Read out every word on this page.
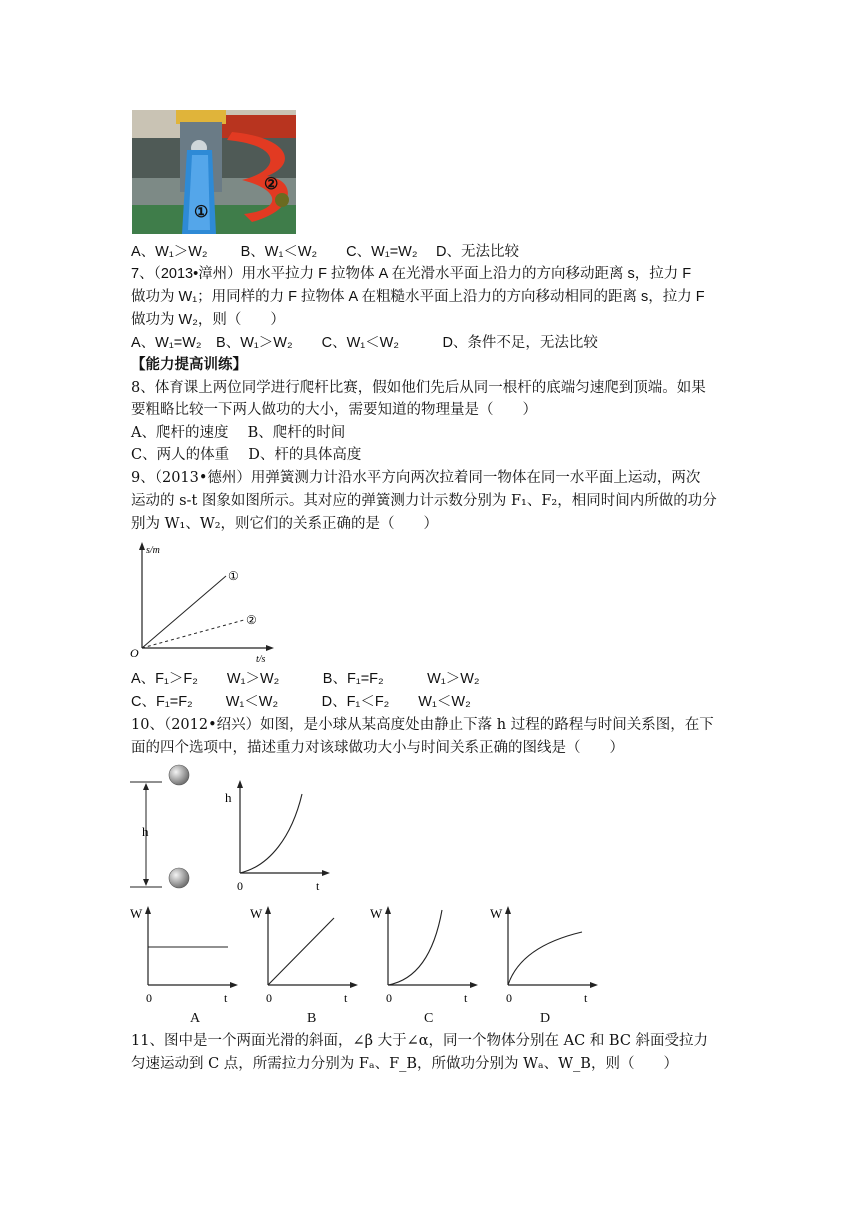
①
②
A、W₁＞W₂　　 B、W₁＜W₂　　C、W₁=W₂　 D、无法比较
7、（2013•漳州）用水平拉力 F 拉物体 A 在光滑水平面上沿力的方向移动距离 s，拉力 F
做功为 W₁；用同样的力 F 拉物体 A 在粗糙水平面上沿力的方向移动相同的距离 s，拉力 F
做功为 W₂，则（　　）
A、W₁=W₂　B、W₁＞W₂　　C、W₁＜W₂　　　D、条件不足，无法比较
【能力提高训练】
8、体育课上两位同学进行爬杆比赛，假如他们先后从同一根杆的底端匀速爬到顶端。如果
要粗略比较一下两人做功的大小，需要知道的物理量是（　　）
A、爬杆的速度　 B、爬杆的时间
C、两人的体重　 D、杆的具体高度
9、（2013•德州）用弹簧测力计沿水平方向两次拉着同一物体在同一水平面上运动，两次
运动的 s-t 图象如图所示。其对应的弹簧测力计示数分别为 F₁、F₂，相同时间内所做的功分
别为 W₁、W₂，则它们的关系正确的是（　　）
s/m
t/s
O
①
②
A、F₁＞F₂　　W₁＞W₂　　　B、F₁=F₂　　　W₁＞W₂
C、F₁=F₂　　 W₁＜W₂　　　D、F₁＜F₂　　W₁＜W₂
10、（2012•绍兴）如图，是小球从某高度处由静止下落 h 过程的路程与时间关系图，在下
面的四个选项中，描述重力对该球做功大小与时间关系正确的图线是（　　）
h
h
0	t
W
0	t
W
0	t
W
0	t
W
0	t
A	B	C	D
11、图中是一个两面光滑的斜面，∠β 大于∠α，同一个物体分别在 AC 和 BC 斜面受拉力
匀速运动到 C 点，所需拉力分别为 Fₐ、F_B，所做功分别为 Wₐ、W_B，则（　　）
